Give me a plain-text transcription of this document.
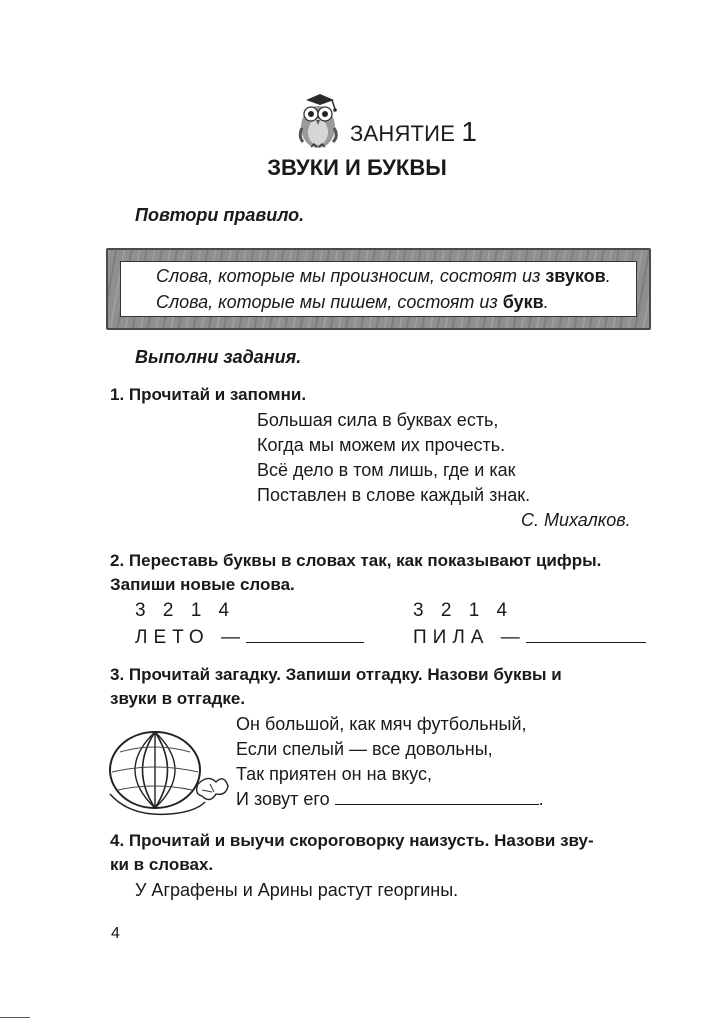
ЗАНЯТИЕ 1
ЗВУКИ И БУКВЫ
Повтори правило.
Слова, которые мы произносим, состоят из звуков.
Слова, которые мы пишем, состоят из букв.
Выполни задания.
1. Прочитай и запомни.
Большая сила в буквах есть,
Когда мы можем их прочесть.
Всё дело в том лишь, где и как
Поставлен в слове каждый знак.
С. Михалков.
2. Переставь буквы в словах так, как показывают цифры.
Запиши новые слова.
3 2 1 4
ЛЕТО —
3 2 1 4
ПИЛА —
3. Прочитай загадку. Запиши отгадку. Назови буквы и
звуки в отгадке.
Он большой, как мяч футбольный,
Если спелый — все довольны,
Так приятен он на вкус,
И зовут его	.
4. Прочитай и выучи скороговорку наизусть. Назови зву-
ки в словах.
У Аграфены и Арины растут георгины.
4
